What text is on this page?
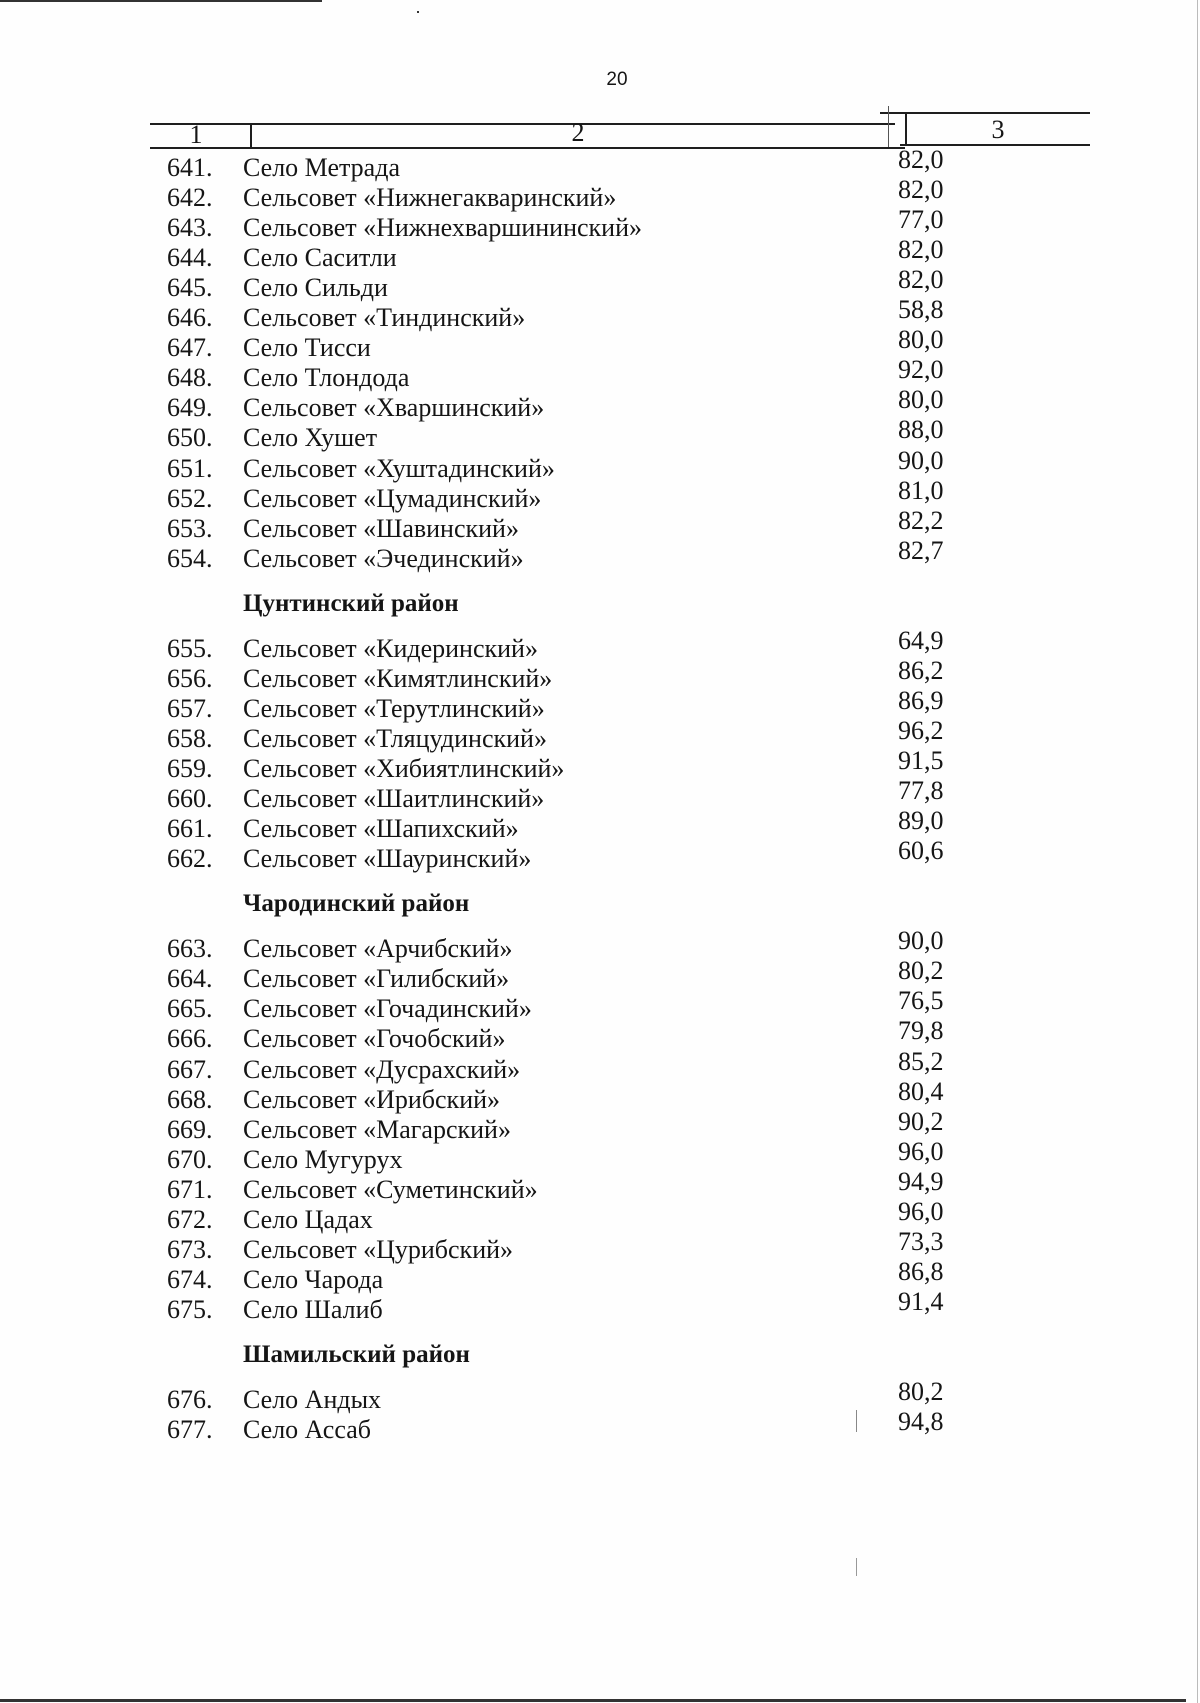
20
1	2	3
641. Село Метрада	82,0
642. Сельсовет «Нижнегакваринский»	82,0
643. Сельсовет «Нижнехваршининский»	77,0
644. Село Саситли	82,0
645. Село Сильди	82,0
646. Сельсовет «Тиндинский»	58,8
647. Село Тисси	80,0
648. Село Тлондода	92,0
649. Сельсовет «Хваршинский»	80,0
650. Село Хушет	88,0
651. Сельсовет «Хуштадинский»	90,0
652. Сельсовет «Цумадинский»	81,0
653. Сельсовет «Шавинский»	82,2
654. Сельсовет «Эчединский»	82,7
Цунтинский район
655. Сельсовет «Кидеринский»	64,9
656. Сельсовет «Кимятлинский»	86,2
657. Сельсовет «Терутлинский»	86,9
658. Сельсовет «Тляцудинский»	96,2
659. Сельсовет «Хибиятлинский»	91,5
660. Сельсовет «Шаитлинский»	77,8
661. Сельсовет «Шапихский»	89,0
662. Сельсовет «Шауринский»	60,6
Чародинский район
663. Сельсовет «Арчибский»	90,0
664. Сельсовет «Гилибский»	80,2
665. Сельсовет «Гочадинский»	76,5
666. Сельсовет «Гочобский»	79,8
667. Сельсовет «Дусрахский»	85,2
668. Сельсовет «Ирибский»	80,4
669. Сельсовет «Магарский»	90,2
670. Село Мугурух	96,0
671. Сельсовет «Суметинский»	94,9
672. Село Цадах	96,0
673. Сельсовет «Цурибский»	73,3
674. Село Чарода	86,8
675. Село Шалиб	91,4
Шамильский район
676. Село Андых	80,2
677. Село Ассаб	94,8
